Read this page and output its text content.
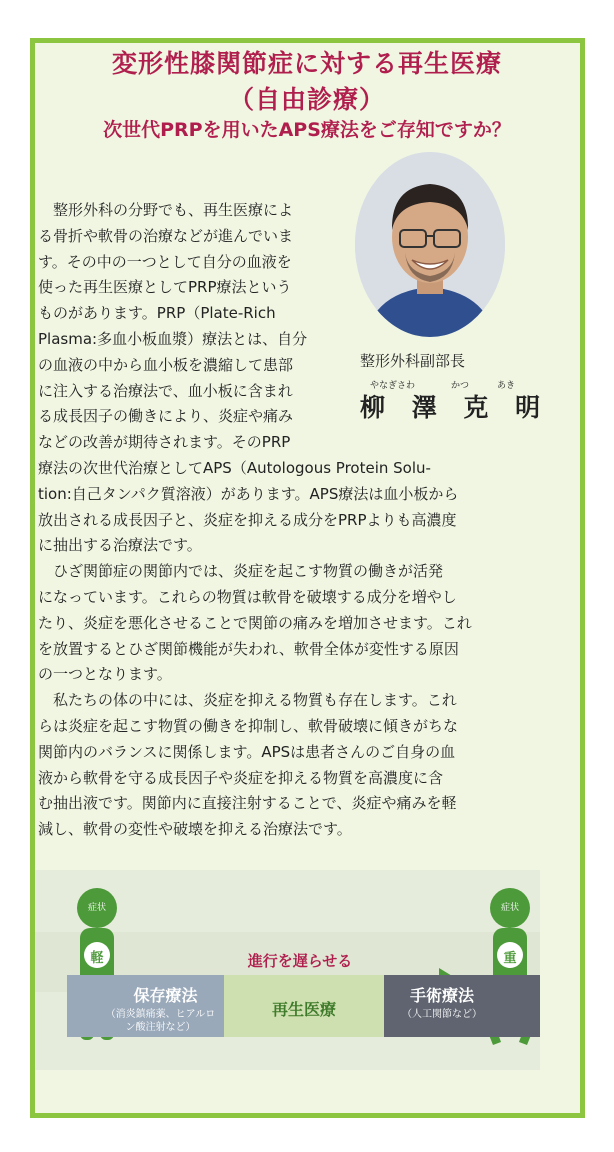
変形性膝関節症に対する再生医療
（自由診療）
次世代PRPを用いたAPS療法をご存知ですか？
整形外科副部長
やなぎさわ	かつ	あき
柳 澤 克 明
　整形外科の分野でも、再生医療によ
る骨折や軟骨の治療などが進んでいま
す。その中の一つとして自分の血液を
使った再生医療としてPRP療法という
ものがあります。PRP（Plate-Rich
Plasma:多血小板血漿）療法とは、自分
の血液の中から血小板を濃縮して患部
に注入する治療法で、血小板に含まれ
る成長因子の働きにより、炎症や痛み
などの改善が期待されます。そのPRP
療法の次世代治療としてAPS（Autologous Protein Solu-
tion:自己タンパク質溶液）があります。APS療法は血小板から
放出される成長因子と、炎症を抑える成分をPRPよりも高濃度
に抽出する治療法です。
　ひざ関節症の関節内では、炎症を起こす物質の働きが活発
になっています。これらの物質は軟骨を破壊する成分を増やし
たり、炎症を悪化させることで関節の痛みを増加させます。これ
を放置するとひざ関節機能が失われ、軟骨全体が変性する原因
の一つとなります。
　私たちの体の中には、炎症を抑える物質も存在します。これ
らは炎症を起こす物質の働きを抑制し、軟骨破壊に傾きがちな
関節内のバランスに関係します。APSは患者さんのご自身の血
液から軟骨を守る成長因子や炎症を抑える物質を高濃度に含
む抽出液です。関節内に直接注射することで、炎症や痛みを軽
減し、軟骨の変性や破壊を抑える治療法です。
症状
軽
症状
重
進行を遅らせる
保存療法
（消炎鎮痛薬、ヒアルロン酸注射など）
再生医療
手術療法
（人工関節など）
